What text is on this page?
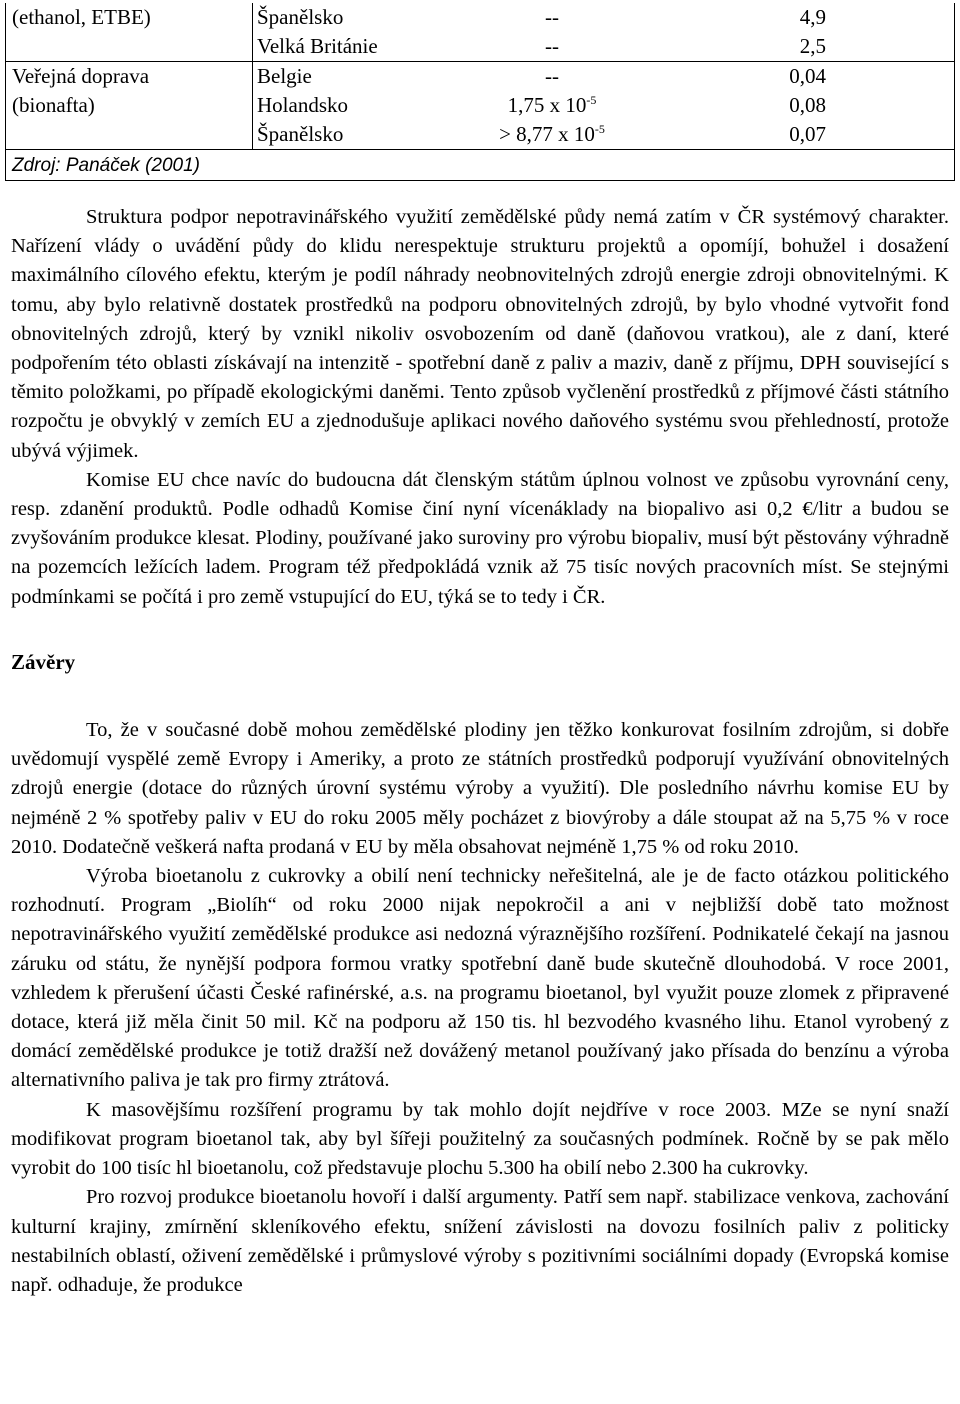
(ethanol, ETBE)	Španělsko	--	4,9
	Velká Británie	--	2,5
Veřejná doprava	Belgie	--	0,04
(bionafta)	Holandsko	1,75 x $10^{-5}$	0,08
	Španělsko	> 8,77 x $10^{-5}$	0,07
Zdroj: Panáček (2001)			

Struktura podpor nepotravinářského využití zemědělské půdy nemá zatím v ČR systémový charakter. Nařízení vlády o uvádění půdy do klidu nerespektuje strukturu projektů a opomíjí, bohužel i dosažení maximálního cílového efektu, kterým je podíl náhrady neobnovitelných zdrojů energie zdroji obnovitelnými. K tomu, aby bylo relativně dostatek prostředků na podporu obnovitelných zdrojů, by bylo vhodné vytvořit fond obnovitelných zdrojů, který by vznikl nikoliv osvobozením od daně (daňovou vratkou), ale z daní, které podpořením této oblasti získávají na intenzitě - spotřební daně z paliv a maziv, daně z příjmu, DPH související s těmito položkami, po případě ekologickými daněmi. Tento způsob vyčlenění prostředků z příjmové části státního rozpočtu je obvyklý v zemích EU a zjednodušuje aplikaci nového daňového systému svou přehledností, protože ubývá výjimek.

Komise EU chce navíc do budoucna dát členským státům úplnou volnost ve způsobu vyrovnání ceny, resp. zdanění produktů. Podle odhadů Komise činí nyní vícenáklady na biopalivo asi 0,2 €/litr a budou se zvyšováním produkce klesat. Plodiny, používané jako suroviny pro výrobu biopaliv, musí být pěstovány výhradně na pozemcích ležících ladem. Program též předpokládá vznik až 75 tisíc nových pracovních míst. Se stejnými podmínkami se počítá i pro země vstupující do EU, týká se to tedy i ČR.

Závěry

To, že v současné době mohou zemědělské plodiny jen těžko konkurovat fosilním zdrojům, si dobře uvědomují vyspělé země Evropy i Ameriky, a proto ze státních prostředků podporují využívání obnovitelných zdrojů energie (dotace do různých úrovní systému výroby a využití). Dle posledního návrhu komise EU by nejméně 2 % spotřeby paliv v EU do roku 2005 měly pocházet z biovýroby a dále stoupat až na 5,75 % v roce 2010. Dodatečně veškerá nafta prodaná v EU by měla obsahovat nejméně 1,75 % od roku 2010.

Výroba bioetanolu z cukrovky a obilí není technicky neřešitelná, ale je de facto otázkou politického rozhodnutí. Program „Biolíh“ od roku 2000 nijak nepokročil a ani v nejbližší době tato možnost nepotravinářského využití zemědělské produkce asi nedozná výraznějšího rozšíření. Podnikatelé čekají na jasnou záruku od státu, že nynější podpora formou vratky spotřební daně bude skutečně dlouhodobá. V roce 2001, vzhledem k přerušení účasti České rafinérské, a.s. na programu bioetanol, byl využit pouze zlomek z připravené dotace, která již měla činit 50 mil. Kč na podporu až 150 tis. hl bezvodého kvasného lihu. Etanol vyrobený z domácí zemědělské produkce je totiž dražší než dovážený metanol používaný jako přísada do benzínu a výroba alternativního paliva je tak pro firmy ztrátová.

K masovějšímu rozšíření programu by tak mohlo dojít nejdříve v roce 2003. MZe se nyní snaží modifikovat program bioetanol tak, aby byl šířeji použitelný za současných podmínek. Ročně by se pak mělo vyrobit do 100 tisíc hl bioetanolu, což představuje plochu 5.300 ha obilí nebo 2.300 ha cukrovky.

Pro rozvoj produkce bioetanolu hovoří i další argumenty. Patří sem např. stabilizace venkova, zachování kulturní krajiny, zmírnění skleníkového efektu, snížení závislosti na dovozu fosilních paliv z politicky nestabilních oblastí, oživení zemědělské i průmyslové výroby s pozitivními sociálními dopady (Evropská komise např. odhaduje, že produkce
